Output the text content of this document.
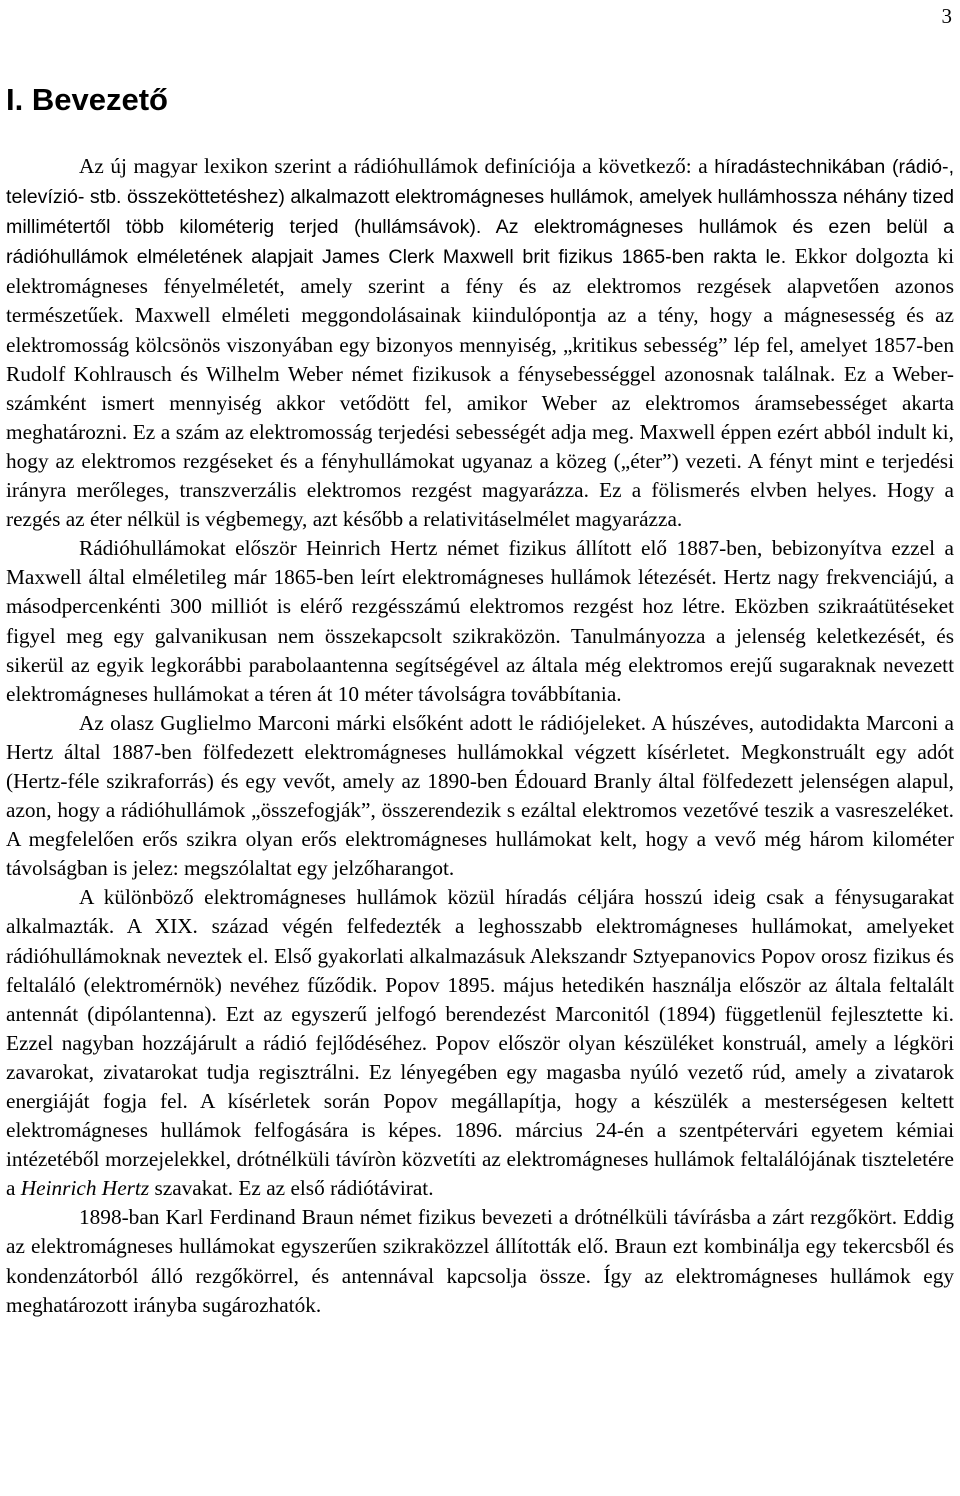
3
I. Bevezető

Az új magyar lexikon szerint a rádióhullámok definíciója a következő: a híradástechnikában (rádió-, televízió- stb. összeköttetéshez) alkalmazott elektromágneses hullámok, amelyek hullámhossza néhány tized millimétertől több kilométerig terjed (hullámsávok). Az elektromágneses hullámok és ezen belül a rádióhullámok elméletének alapjait James Clerk Maxwell brit fizikus 1865-ben rakta le. Ekkor dolgozta ki elektromágneses fényelméletét, amely szerint a fény és az elektromos rezgések alapvetően azonos természetűek. Maxwell elméleti meggondolásainak kiindulópontja az a tény, hogy a mágnesesség és az elektromosság kölcsönös viszonyában egy bizonyos mennyiség, „kritikus sebesség” lép fel, amelyet 1857-ben Rudolf Kohlrausch és Wilhelm Weber német fizikusok a fénysebességgel azonosnak találnak. Ez a Weber-számként ismert mennyiség akkor vetődött fel, amikor Weber az elektromos áramsebességet akarta meghatározni. Ez a szám az elektromosság terjedési sebességét adja meg. Maxwell éppen ezért abból indult ki, hogy az elektromos rezgéseket és a fényhullámokat ugyanaz a közeg („éter”) vezeti. A fényt mint e terjedési irányra merőleges, transzverzális elektromos rezgést magyarázza. Ez a fölismerés elvben helyes. Hogy a rezgés az éter nélkül is végbemegy, azt később a relativitáselmélet magyarázza.

Rádióhullámokat először Heinrich Hertz német fizikus állított elő 1887-ben, bebizonyítva ezzel a Maxwell által elméletileg már 1865-ben leírt elektromágneses hullámok létezését. Hertz nagy frekvenciájú, a másodpercenkénti 300 milliót is elérő rezgésszámú elektromos rezgést hoz létre. Eközben szikraátütéseket figyel meg egy galvanikusan nem összekapcsolt szikraközön. Tanulmányozza a jelenség keletkezését, és sikerül az egyik legkorábbi parabolaantenna segítségével az általa még elektromos erejű sugaraknak nevezett elektromágneses hullámokat a téren át 10 méter távolságra továbbítania.

Az olasz Guglielmo Marconi márki elsőként adott le rádiójeleket. A húszéves, autodidakta Marconi a Hertz által 1887-ben fölfedezett elektromágneses hullámokkal végzett kísérletet. Megkonstruált egy adót (Hertz-féle szikraforrás) és egy vevőt, amely az 1890-ben Édouard Branly által fölfedezett jelenségen alapul, azon, hogy a rádióhullámok „összefogják”, összerendezik s ezáltal elektromos vezetővé teszik a vasreszeléket. A megfelelően erős szikra olyan erős elektromágneses hullámokat kelt, hogy a vevő még három kilométer távolságban is jelez: megszólaltat egy jelzőharangot.

A különböző elektromágneses hullámok közül híradás céljára hosszú ideig csak a fénysugarakat alkalmazták. A XIX. század végén felfedezték a leghosszabb elektromágneses hullámokat, amelyeket rádióhullámoknak neveztek el. Első gyakorlati alkalmazásuk Alekszandr Sztyepanovics Popov orosz fizikus és feltaláló (elektromérnök) nevéhez fűződik. Popov 1895. május hetedikén használja először az általa feltalált antennát (dipólantenna). Ezt az egyszerű jelfogó berendezést Marconitól (1894) függetlenül fejlesztette ki. Ezzel nagyban hozzájárult a rádió fejlődéséhez. Popov először olyan készüléket konstruál, amely a légköri zavarokat, zivatarokat tudja regisztrálni. Ez lényegében egy magasba nyúló vezető rúd, amely a zivatarok energiáját fogja fel. A kísérletek során Popov megállapítja, hogy a készülék a mesterségesen keltett elektromágneses hullámok felfogására is képes. 1896. március 24-én a szentpétervári egyetem kémiai intézetéből morzejelekkel, drótnélküli távíròn közvetíti az elektromágneses hullámok feltalálójának tiszteletére a Heinrich Hertz szavakat. Ez az első rádiótávirat.

1898-ban Karl Ferdinand Braun német fizikus bevezeti a drótnélküli távírásba a zárt rezgőkört. Eddig az elektromágneses hullámokat egyszerűen szikraközzel állították elő. Braun ezt kombinálja egy tekercsből és kondenzátorból álló rezgőkörrel, és antennával kapcsolja össze. Így az elektromágneses hullámok egy meghatározott irányba sugározhatók.
